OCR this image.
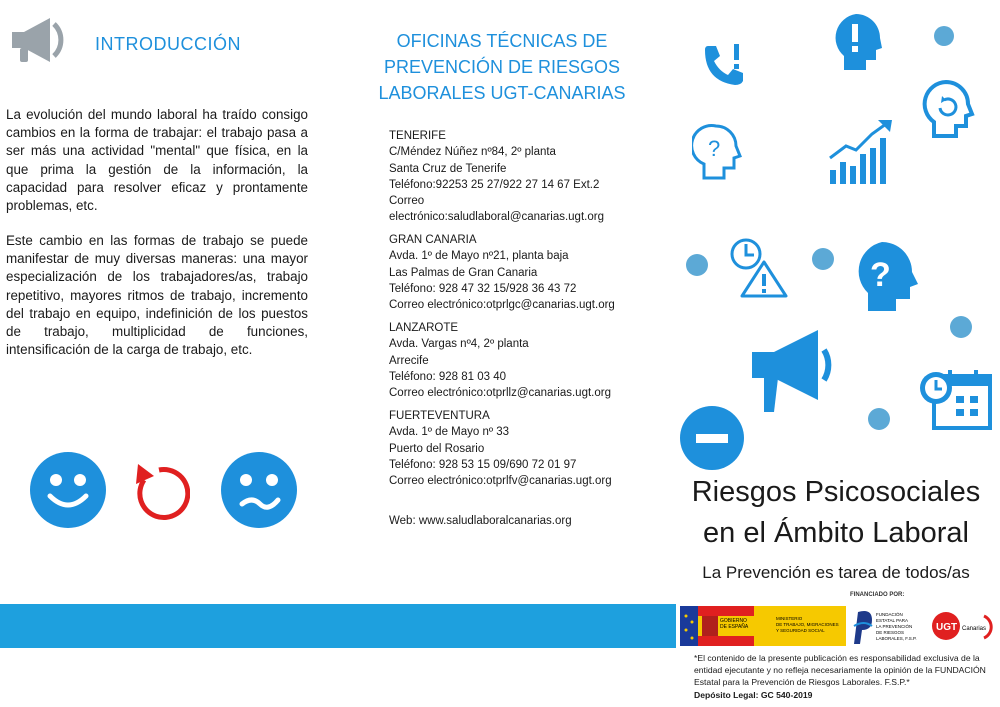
INTRODUCCIÓN
La evolución del mundo laboral ha traído consigo cambios en la forma de trabajar: el trabajo pasa a ser más una actividad "mental" que física, en la que prima la gestión de la información, la capacidad para resolver eficaz y prontamente problemas, etc.
Este cambio en las formas de trabajo se puede manifestar de muy diversas maneras: una mayor especialización de los trabajadores/as, trabajo repetitivo, mayores ritmos de trabajo, incremento del trabajo en equipo, indefinición de los puestos de trabajo, multiplicidad de funciones, intensificación de la carga de trabajo, etc.
OFICINAS TÉCNICAS DE PREVENCIÓN DE RIESGOS LABORALES UGT-CANARIAS
TENERIFE
C/Méndez Núñez nº84, 2º planta
Santa Cruz de Tenerife
Teléfono:92253 25 27/922 27 14 67 Ext.2
Correo
electrónico:saludlaboral@canarias.ugt.org
GRAN CANARIA
Avda. 1º de Mayo nº21, planta baja
Las Palmas de Gran Canaria
Teléfono: 928 47 32 15/928 36 43 72
Correo electrónico:otprlgc@canarias.ugt.org
LANZAROTE
Avda. Vargas nº4, 2º planta
Arrecife
Teléfono: 928 81 03 40
Correo electrónico:otprllz@canarias.ugt.org
FUERTEVENTURA
Avda. 1º de Mayo nº 33
Puerto del Rosario
Teléfono: 928 53 15 09/690 72 01 97
Correo electrónico:otprlfv@canarias.ugt.org
Web: www.saludlaboralcanarias.org
?
?
Riesgos Psicosociales
en el Ámbito Laboral
La Prevención es tarea de todos/as
GOBIERNO
DE ESPAÑA
MINISTERIO
DE TRABAJO, MIGRACIONES
Y SEGURIDAD SOCIAL
FUNDACIÓN
ESTATAL PARA
LA PREVENCIÓN
DE RIESGOS
LABORALES, F.S.P.
UGT Canarias
FINANCIADO POR:
*El contenido de la presente publicación es responsabilidad exclusiva de la entidad ejecutante y no refleja necesariamente la opinión de la FUNDACIÓN Estatal para la Prevención de Riesgos Laborales. F.S.P.*
Depósito Legal: GC 540-2019
